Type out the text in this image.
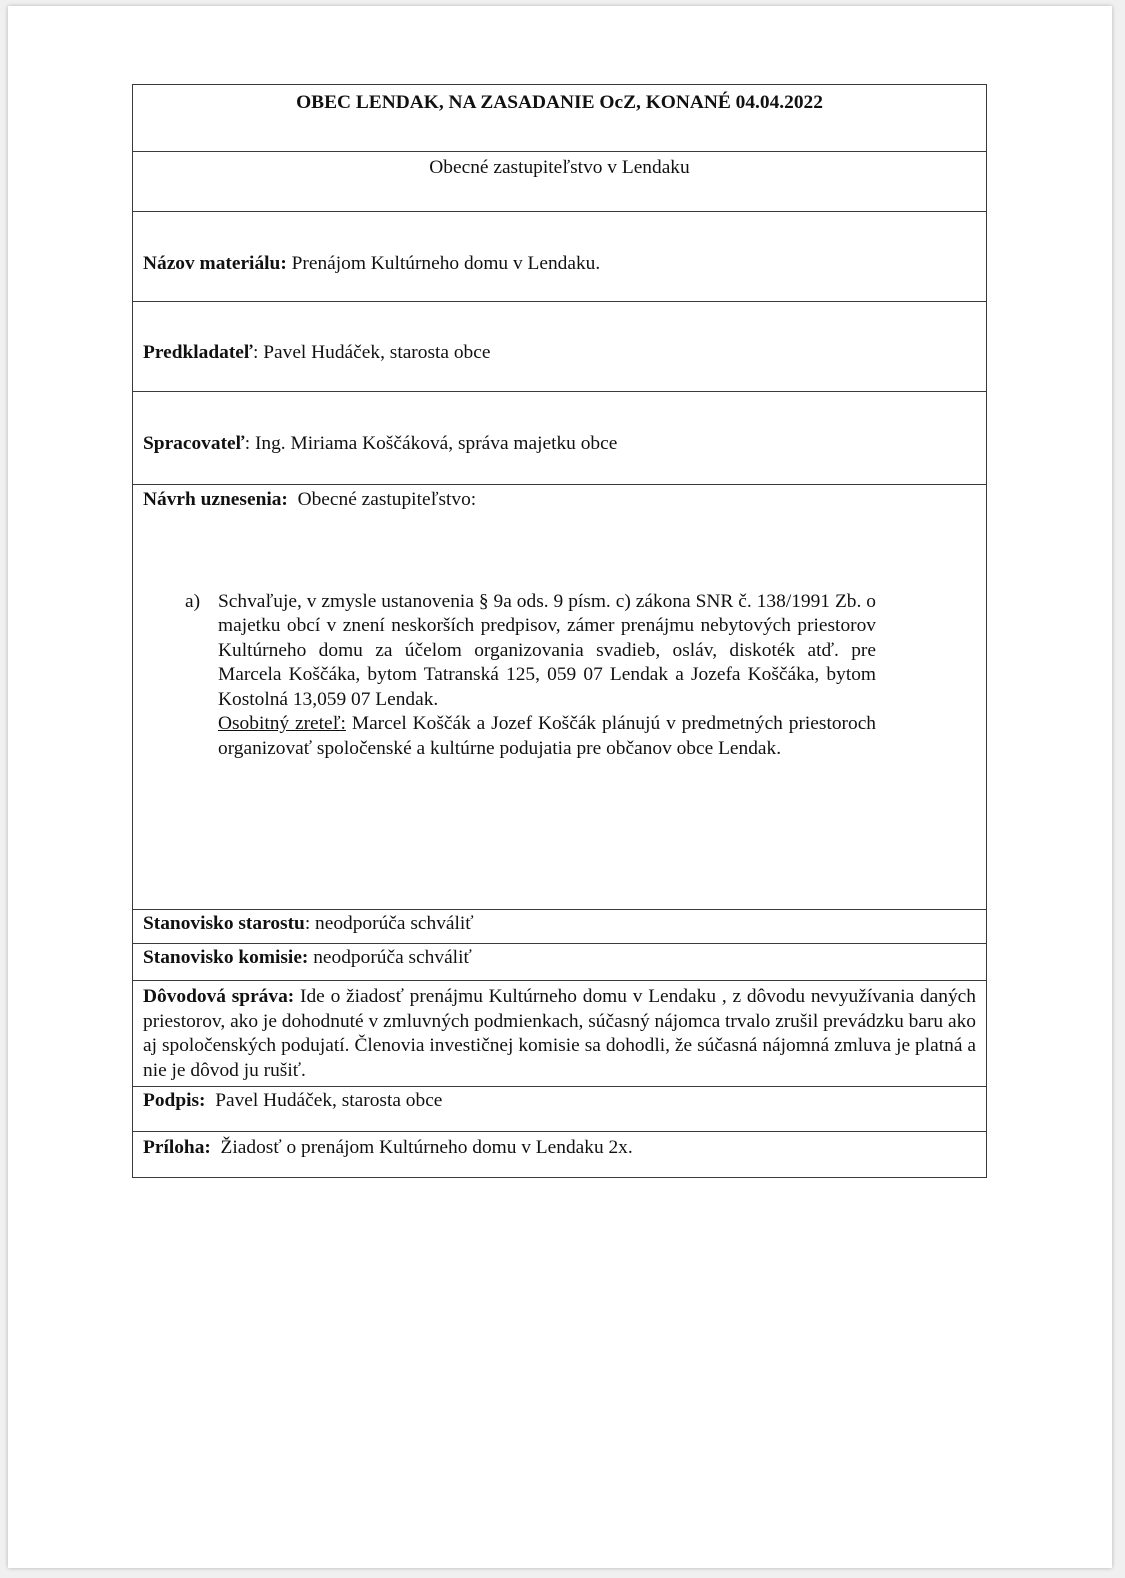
OBEC LENDAK, NA ZASADANIE OcZ, KONANÉ 04.04.2022
Obecné zastupiteľstvo v Lendaku

Názov materiálu: Prenájom Kultúrneho domu v Lendaku.

Predkladateľ: Pavel Hudáček, starosta obce

Spracovateľ: Ing. Miriama Koščáková, správa majetku obce

Návrh uznesenia:  Obecné zastupiteľstvo:
a) Schvaľuje, v zmysle ustanovenia § 9a ods. 9 písm. c) zákona SNR č. 138/1991 Zb. o majetku obcí v znení neskorších predpisov, zámer prenájmu nebytových priestorov Kultúrneho domu za účelom organizovania svadieb, osláv, diskoték atď. pre Marcela Koščáka, bytom Tatranská 125, 059 07 Lendak a Jozefa Koščáka, bytom Kostolná 13,059 07 Lendak.
Osobitný zreteľ: Marcel Koščák a Jozef Koščák plánujú v predmetných priestoroch organizovať spoločenské a kultúrne podujatia pre občanov obce Lendak.

Stanovisko starostu: neodporúča schváliť
Stanovisko komisie: neodporúča schváliť
Dôvodová správa: Ide o žiadosť prenájmu Kultúrneho domu v Lendaku , z dôvodu nevyužívania daných priestorov, ako je dohodnuté v zmluvných podmienkach, súčasný nájomca trvalo zrušil prevádzku baru ako aj spoločenských podujatí. Členovia investičnej komisie sa dohodli, že súčasná nájomná zmluva je platná a nie je dôvod ju rušiť.
Podpis:  Pavel Hudáček, starosta obce
Príloha:  Žiadosť o prenájom Kultúrneho domu v Lendaku 2x.
